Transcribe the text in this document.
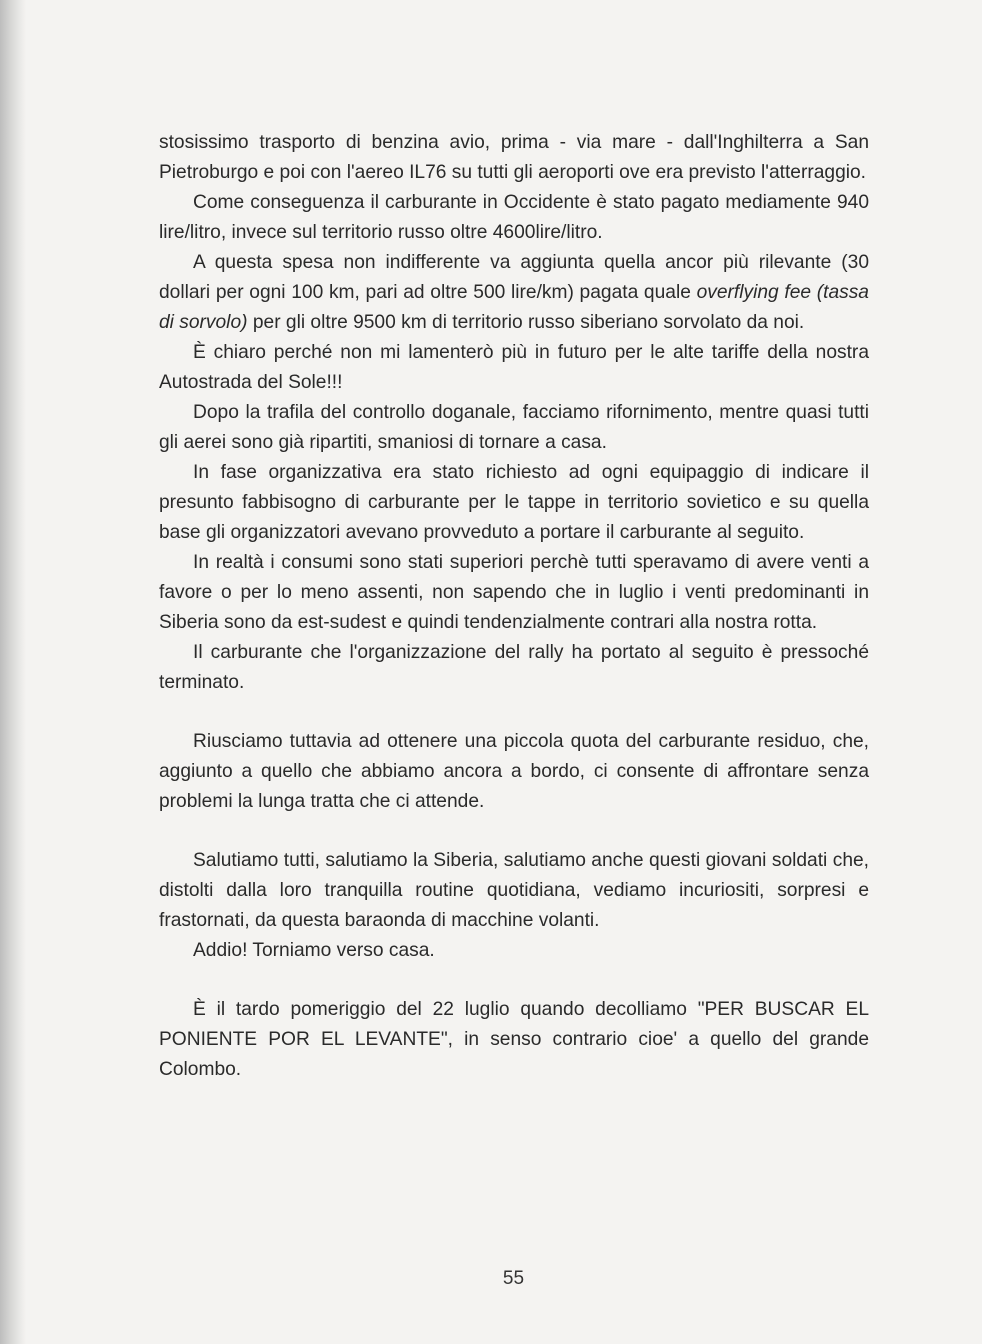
stosissimo trasporto di benzina avio, prima - via mare - dall'Inghilterra a San Pietroburgo e poi con l'aereo IL76 su tutti gli aeroporti ove era previsto l'atterraggio.

Come conseguenza il carburante in Occidente è stato pagato mediamente 940 lire/litro, invece sul territorio russo oltre 4600lire/litro.

A questa spesa non indifferente va aggiunta quella ancor più rilevante (30 dollari per ogni 100 km, pari ad oltre 500 lire/km) pagata quale overflying fee (tassa di sorvolo) per gli oltre 9500 km di territorio russo siberiano sorvolato da noi.

È chiaro perché non mi lamenterò più in futuro per le alte tariffe della nostra Autostrada del Sole!!!

Dopo la trafila del controllo doganale, facciamo rifornimento, mentre quasi tutti gli aerei sono già ripartiti, smaniosi di tornare a casa.

In fase organizzativa era stato richiesto ad ogni equipaggio di indicare il presunto fabbisogno di carburante per le tappe in territorio sovietico e su quella base gli organizzatori avevano provveduto a portare il carburante al seguito.

In realtà i consumi sono stati superiori perchè tutti speravamo di avere venti a favore o per lo meno assenti, non sapendo che in luglio i venti predominanti in Siberia sono da est-sudest e quindi tendenzialmente contrari alla nostra rotta.

Il carburante che l'organizzazione del rally ha portato al seguito è pressoché terminato.

Riusciamo tuttavia ad ottenere una piccola quota del carburante residuo, che, aggiunto a quello che abbiamo ancora a bordo, ci consente di affrontare senza problemi la lunga tratta che ci attende.

Salutiamo tutti, salutiamo la Siberia, salutiamo anche questi giovani soldati che, distolti dalla loro tranquilla routine quotidiana, vediamo incuriositi, sorpresi e frastornati, da questa baraonda di macchine volanti.

Addio! Torniamo verso casa.

È il tardo pomeriggio del 22 luglio quando decolliamo "PER BUSCAR EL PONIENTE POR EL LEVANTE", in senso contrario cioe' a quello del grande Colombo.

55
